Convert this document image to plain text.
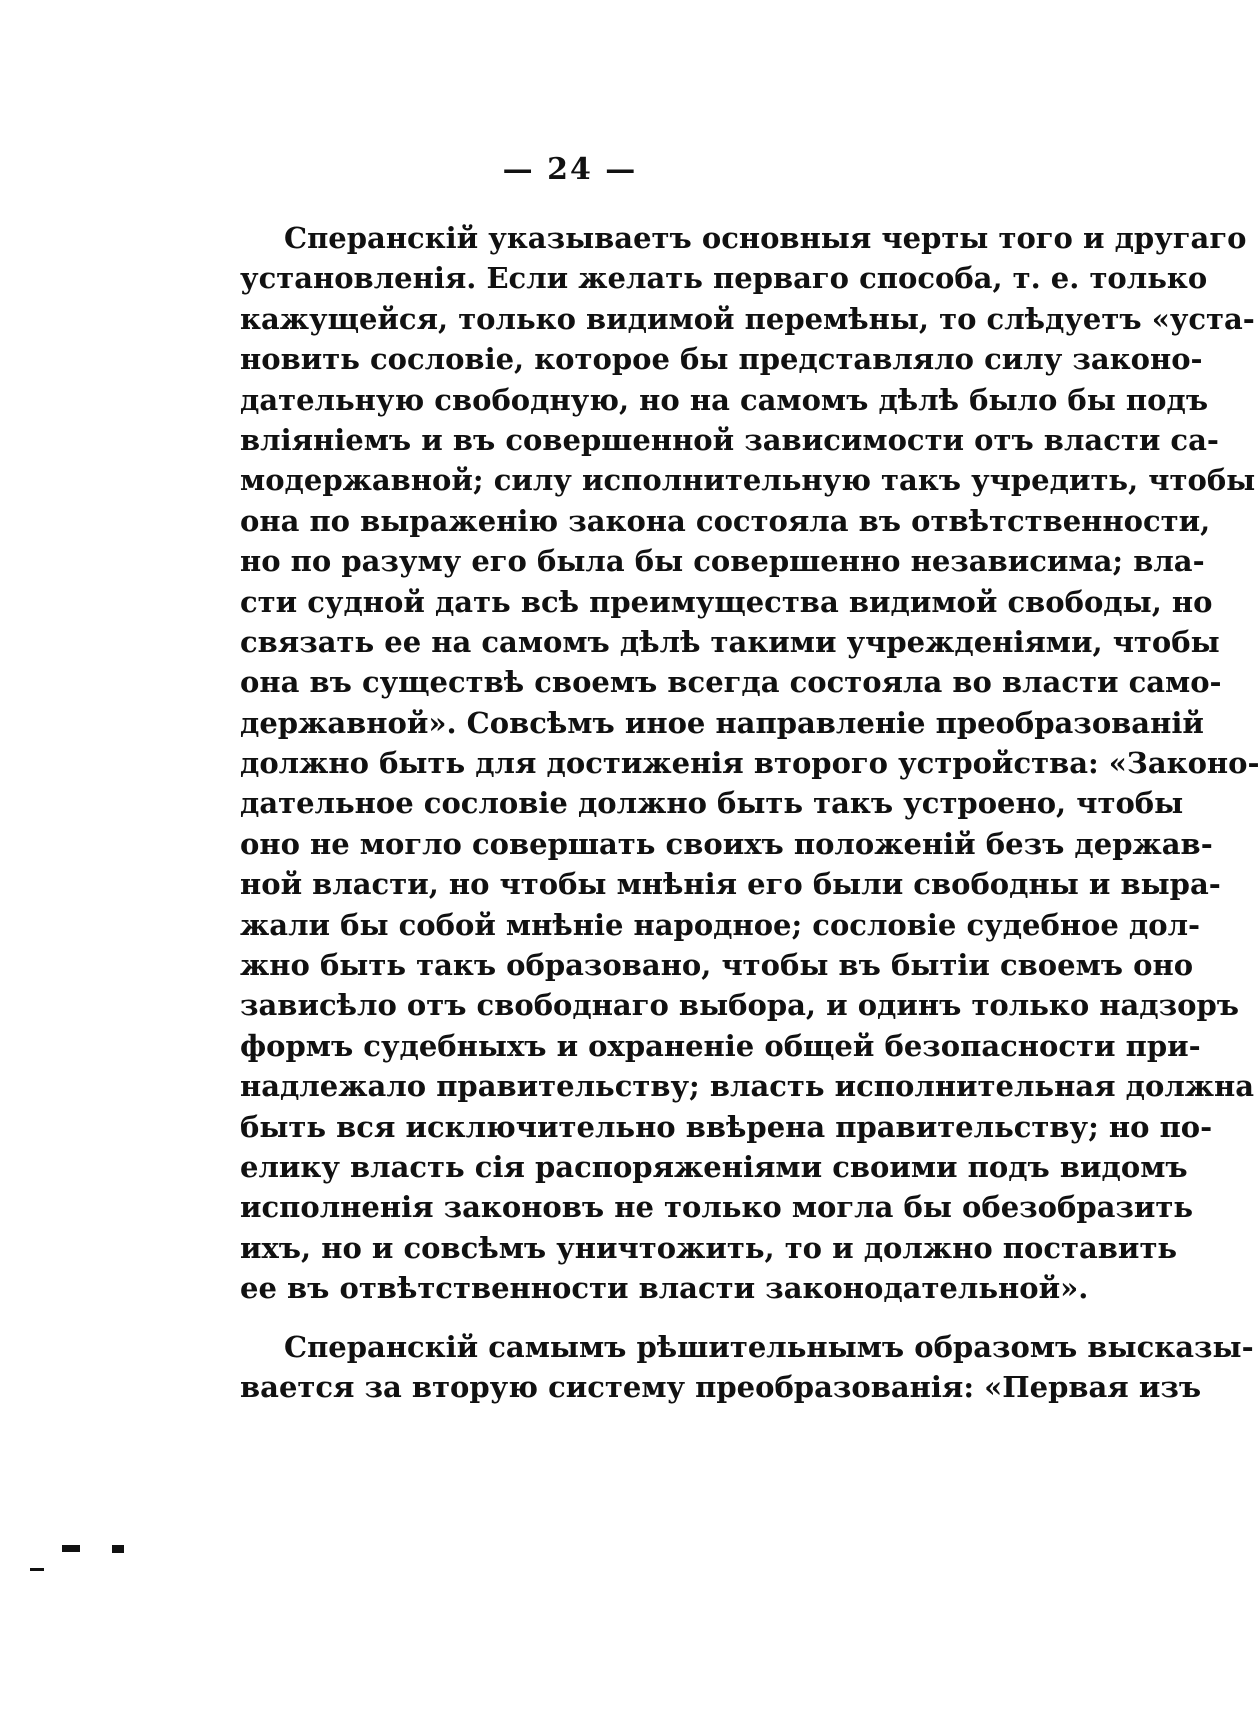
— 24 —
Сперанскій указываетъ основныя черты того и другаго
установленія. Если желать перваго способа, т. е. только
кажущейся, только видимой перемѣны, то слѣдуетъ «уста-
новить сословіе, которое бы представляло силу законо-
дательную свободную, но на самомъ дѣлѣ было бы подъ
вліяніемъ и въ совершенной зависимости отъ власти са-
модержавной; силу исполнительную такъ учредить, чтобы
она по выраженію закона состояла въ отвѣтственности,
но по разуму его была бы совершенно независима; вла-
сти судной дать всѣ преимущества видимой свободы, но
связать ее на самомъ дѣлѣ такими учрежденіями, чтобы
она въ существѣ своемъ всегда состояла во власти само-
державной». Совсѣмъ иное направленіе преобразованій
должно быть для достиженія второго устройства: «Законо-
дательное сословіе должно быть такъ устроено, чтобы
оно не могло совершать своихъ положеній безъ держав-
ной власти, но чтобы мнѣнія его были свободны и выра-
жали бы собой мнѣніе народное; сословіе судебное дол-
жно быть такъ образовано, чтобы въ бытіи своемъ оно
зависѣло отъ свободнаго выбора, и одинъ только надзоръ
формъ судебныхъ и охраненіе общей безопасности при-
надлежало правительству; власть исполнительная должна
быть вся исключительно ввѣрена правительству; но по-
елику власть сія распоряженіями своими подъ видомъ
исполненія законовъ не только могла бы обезобразить
ихъ, но и совсѣмъ уничтожить, то и должно поставить
ее въ отвѣтственности власти законодательной».
Сперанскій самымъ рѣшительнымъ образомъ высказы-
вается за вторую систему преобразованія: «Первая изъ
